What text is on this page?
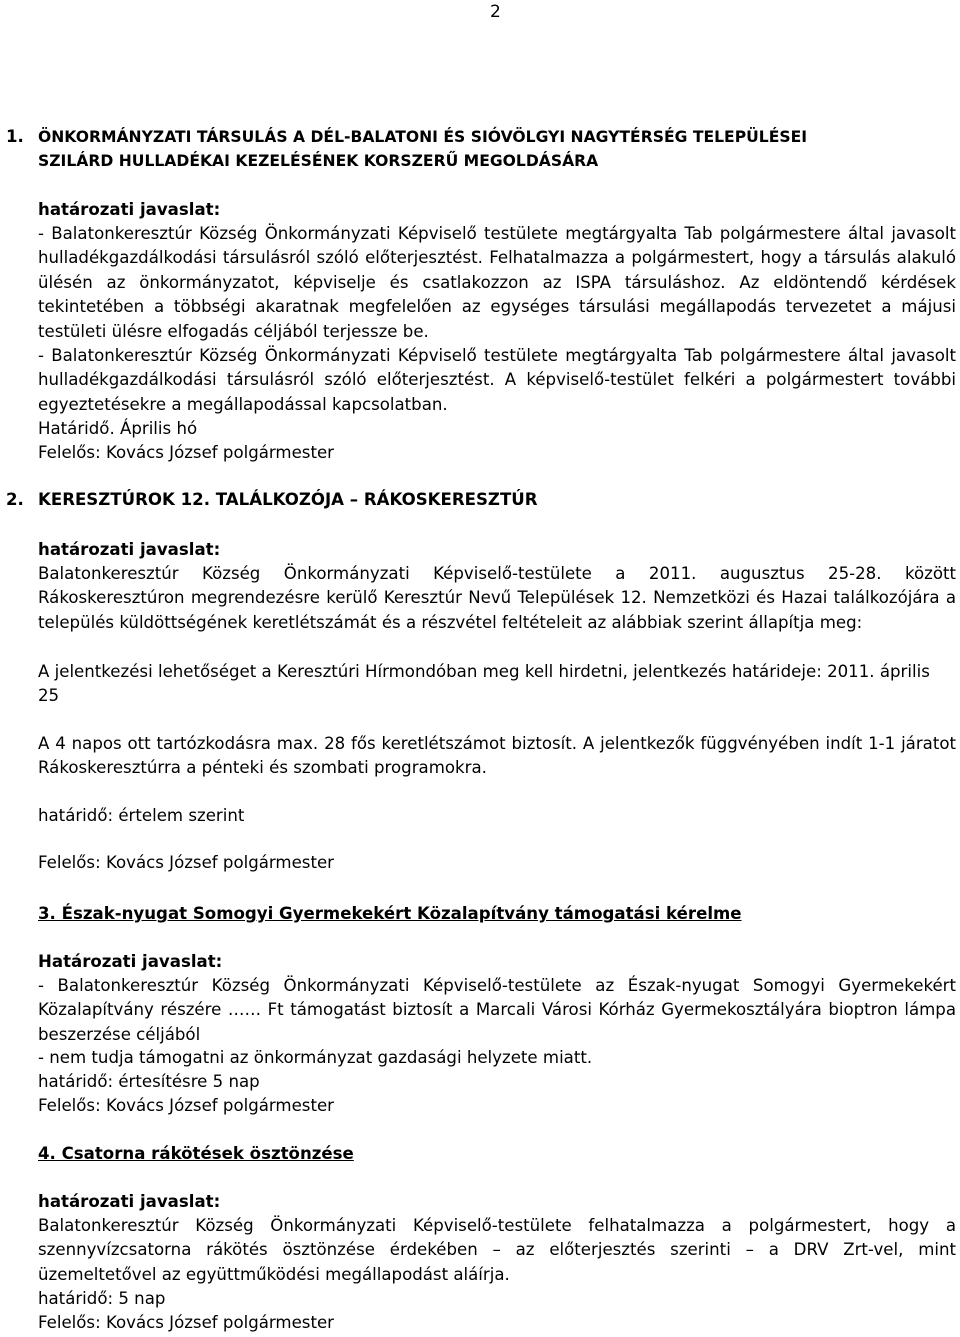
2
1. ÖNKORMÁNYZATI TÁRSULÁS A DÉL-BALATONI ÉS SIÓVÖLGYI NAGYTÉRSÉG TELEPÜLÉSEI
SZILÁRD HULLADÉKAI KEZELÉSÉNEK KORSZERŰ MEGOLDÁSÁRA
határozati javaslat:

- Balatonkeresztúr Község Önkormányzati Képviselő testülete megtárgyalta Tab polgármestere által javasolt hulladékgazdálkodási társulásról szóló előterjesztést. Felhatalmazza a polgármestert, hogy a társulás alakuló ülésén az önkormányzatot, képviselje és csatlakozzon az ISPA társuláshoz. Az eldöntendő kérdések tekintetében a többségi akaratnak megfelelően az egységes társulási megállapodás tervezetet a májusi testületi ülésre elfogadás céljából terjessze be.

- Balatonkeresztúr Község Önkormányzati Képviselő testülete megtárgyalta Tab polgármestere által javasolt hulladékgazdálkodási társulásról szóló előterjesztést. A képviselő-testület felkéri a polgármestert további egyeztetésekre a megállapodással kapcsolatban.

Határidő. Április hó
Felelős: Kovács József polgármester
2. KERESZTÚROK 12. TALÁLKOZÓJA – RÁKOSKERESZTÚR
határozati javaslat:

Balatonkeresztúr Község Önkormányzati Képviselő-testülete a 2011. augusztus 25-28. között Rákoskeresztúron megrendezésre kerülő Keresztúr Nevű Települések 12. Nemzetközi és Hazai találkozójára a település küldöttségének keretlétszámát és a részvétel feltételeit az alábbiak szerint állapítja meg:

A jelentkezési lehetőséget a Keresztúri Hírmondóban meg kell hirdetni, jelentkezés határideje: 2011. április 25

A 4 napos ott tartózkodásra max. 28 fős keretlétszámot biztosít. A jelentkezők függvényében indít 1-1 járatot Rákoskeresztúrra a pénteki és szombati programokra.

határidő: értelem szerint
Felelős: Kovács József polgármester
3. Észak-nyugat Somogyi Gyermekekért Közalapítvány támogatási kérelme
Határozati javaslat:

- Balatonkeresztúr Község Önkormányzati Képviselő-testülete az Észak-nyugat Somogyi Gyermekekért Közalapítvány részére …… Ft támogatást biztosít a Marcali Városi Kórház Gyermekosztályára bioptron lámpa beszerzése céljából

- nem tudja támogatni az önkormányzat gazdasági helyzete miatt.

határidő: értesítésre 5 nap
Felelős: Kovács József polgármester
4. Csatorna rákötések ösztönzése
határozati javaslat:

Balatonkeresztúr Község Önkormányzati Képviselő-testülete felhatalmazza a polgármestert, hogy a szennyvízcsatorna rákötés ösztönzése érdekében – az előterjesztés szerinti – a DRV Zrt-vel, mint üzemeltetővel az együttműködési megállapodást aláírja.

határidő: 5 nap
Felelős: Kovács József polgármester
